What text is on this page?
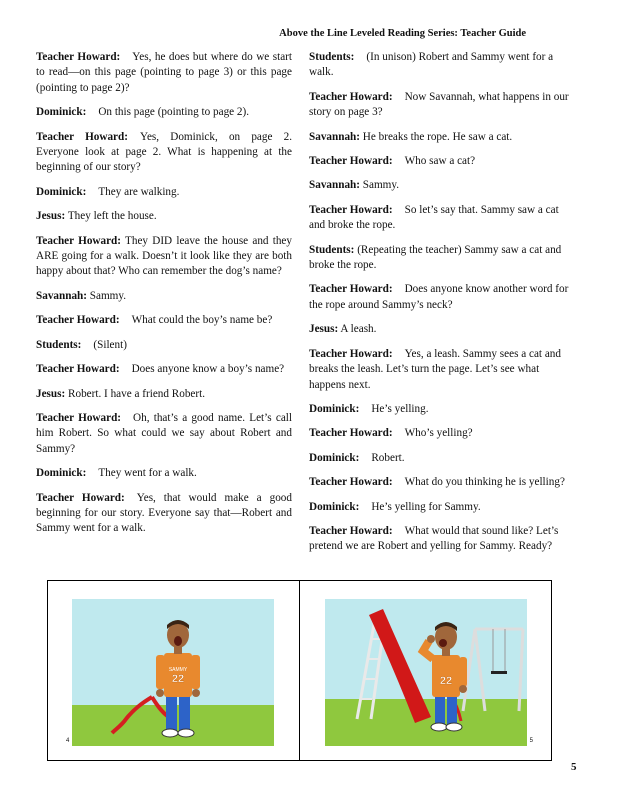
Above the Line Leveled Reading Series: Teacher Guide

Teacher Howard: Yes, he does but where do we start to read—on this page (pointing to page 3) or this page (pointing to page 2)?

Dominick: On this page (pointing to page 2).

Teacher Howard: Yes, Dominick, on page 2. Everyone look at page 2. What is happening at the beginning of our story?

Dominick: They are walking.

Jesus: They left the house.

Teacher Howard: They DID leave the house and they ARE going for a walk. Doesn’t it look like they are both happy about that? Who can remember the dog’s name?

Savannah: Sammy.

Teacher Howard: What could the boy’s name be?

Students: (Silent)

Teacher Howard: Does anyone know a boy’s name?

Jesus: Robert. I have a friend Robert.

Teacher Howard: Oh, that’s a good name. Let’s call him Robert. So what could we say about Robert and Sammy?

Dominick: They went for a walk.

Teacher Howard: Yes, that would make a good beginning for our story. Everyone say that—Robert and Sammy went for a walk.

Students: (In unison) Robert and Sammy went for a walk.

Teacher Howard: Now Savannah, what happens in our story on page 3?

Savannah: He breaks the rope. He saw a cat.

Teacher Howard: Who saw a cat?

Savannah: Sammy.

Teacher Howard: So let’s say that. Sammy saw a cat and broke the rope.

Students: (Repeating the teacher) Sammy saw a cat and broke the rope.

Teacher Howard: Does anyone know another word for the rope around Sammy’s neck?

Jesus: A leash.

Teacher Howard: Yes, a leash. Sammy sees a cat and breaks the leash. Let’s turn the page. Let’s see what happens next.

Dominick: He’s yelling.

Teacher Howard: Who’s yelling?

Dominick: Robert.

Teacher Howard: What do you thinking he is yelling?

Dominick: He’s yelling for Sammy.

Teacher Howard: What would that sound like? Let’s pretend we are Robert and yelling for Sammy. Ready?

SAMMY
22
4
22
5
5
